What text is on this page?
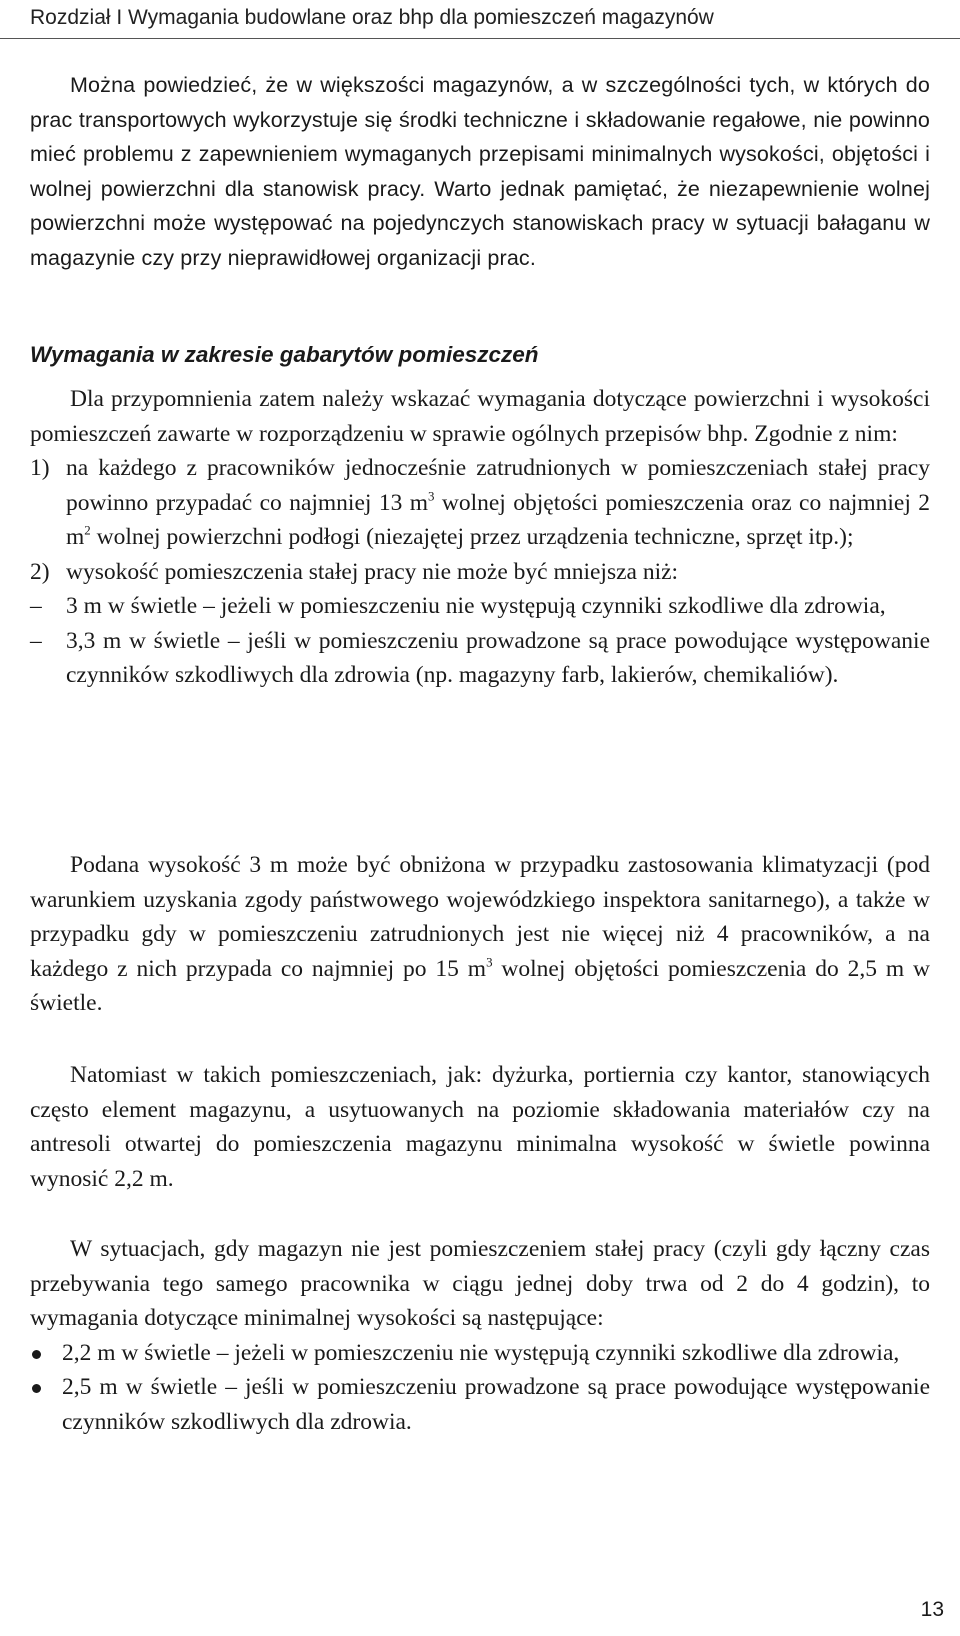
Rozdział I Wymagania budowlane oraz bhp dla pomieszczeń magazynów

Można powiedzieć, że w większości magazynów, a w szczególności tych, w których do prac transportowych wykorzystuje się środki techniczne i składowanie regałowe, nie powinno mieć problemu z zapewnieniem wymaganych przepisami minimalnych wysokości, objętości i wolnej powierzchni dla stanowisk pracy. Warto jednak pamiętać, że niezapewnienie wolnej powierzchni może występować na pojedynczych stanowiskach pracy w sytuacji bałaganu w magazynie czy przy nieprawidłowej organizacji prac.

Wymagania w zakresie gabarytów pomieszczeń

Dla przypomnienia zatem należy wskazać wymagania dotyczące powierzchni i wysokości pomieszczeń zawarte w rozporządzeniu w sprawie ogólnych przepisów bhp. Zgodnie z nim:

1) na każdego z pracowników jednocześnie zatrudnionych w pomieszczeniach stałej pracy powinno przypadać co najmniej 13 $m^3$ wolnej objętości pomieszczenia oraz co najmniej 2 $m^2$ wolnej powierzchni podłogi (niezajętej przez urządzenia techniczne, sprzęt itp.);
2) wysokość pomieszczenia stałej pracy nie może być mniejsza niż:
–	3 m w świetle – jeżeli w pomieszczeniu nie występują czynniki szkodliwe dla zdrowia,
–	3,3 m w świetle – jeśli w pomieszczeniu prowadzone są prace powodujące występowanie czynników szkodliwych dla zdrowia (np. magazyny farb, lakierów, chemikaliów).

Podana wysokość 3 m może być obniżona w przypadku zastosowania klimatyzacji (pod warunkiem uzyskania zgody państwowego wojewódzkiego inspektora sanitarnego), a także w przypadku gdy w pomieszczeniu zatrudnionych jest nie więcej niż 4 pracowników, a na każdego z nich przypada co najmniej po 15 $m^3$ wolnej objętości pomieszczenia do 2,5 m w świetle.

Natomiast w takich pomieszczeniach, jak: dyżurka, portiernia czy kantor, stanowiących często element magazynu, a usytuowanych na poziomie składowania materiałów czy na antresoli otwartej do pomieszczenia magazynu minimalna wysokość w świetle powinna wynosić 2,2 m.

W sytuacjach, gdy magazyn nie jest pomieszczeniem stałej pracy (czyli gdy łączny czas przebywania tego samego pracownika w ciągu jednej doby trwa od 2 do 4 godzin), to wymagania dotyczące minimalnej wysokości są następujące:

2,2 m w świetle – jeżeli w pomieszczeniu nie występują czynniki szkodliwe dla zdrowia,
2,5 m w świetle – jeśli w pomieszczeniu prowadzone są prace powodujące występowanie czynników szkodliwych dla zdrowia.
13
